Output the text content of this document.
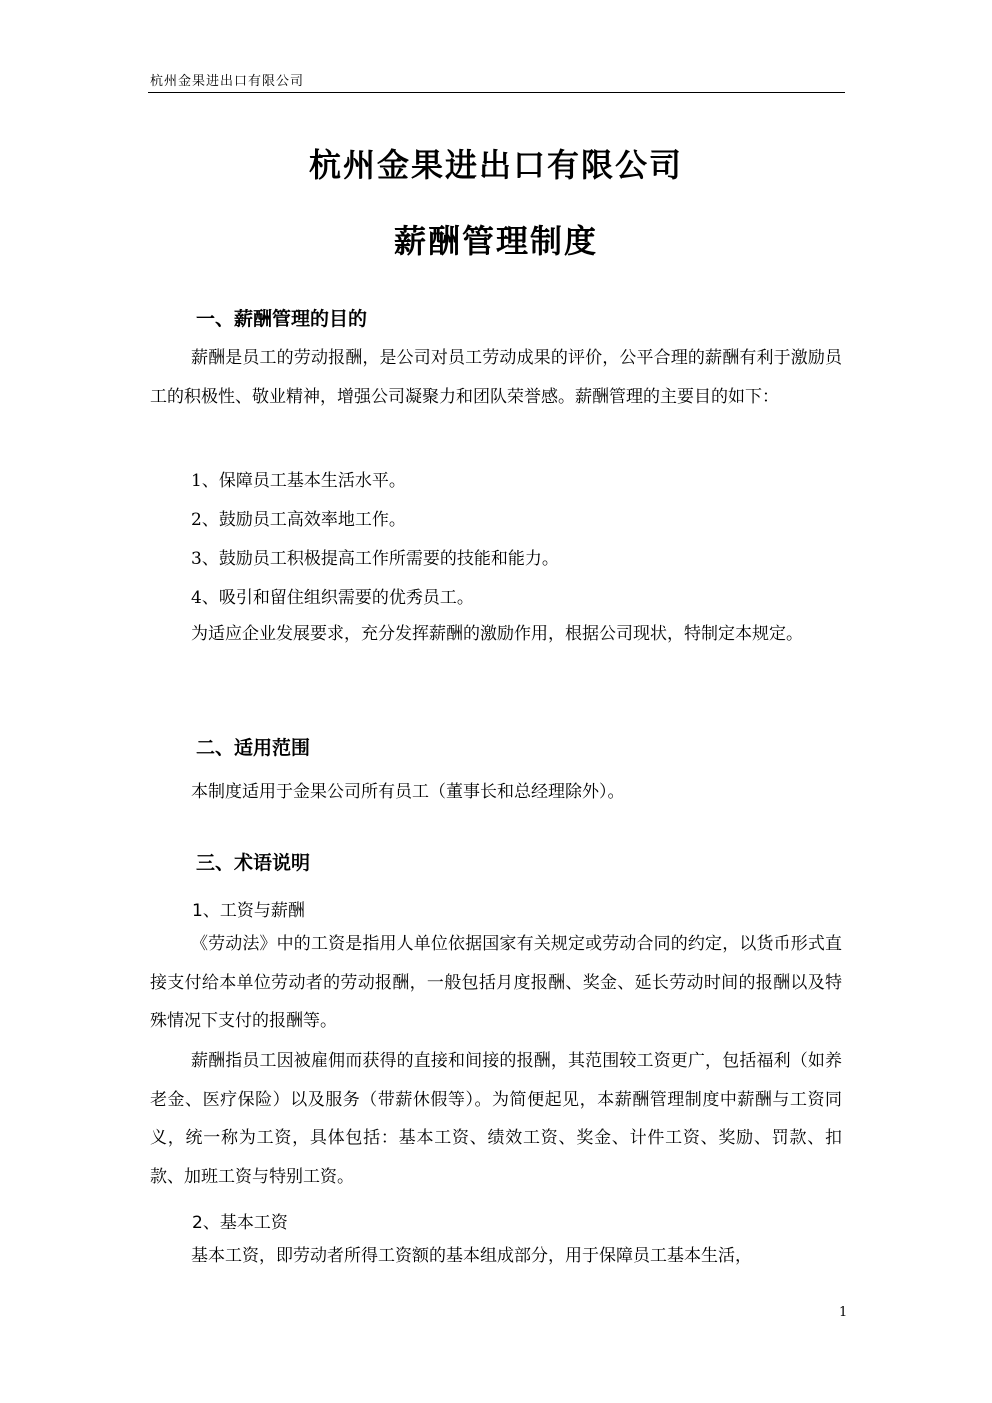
杭州金果进出口有限公司
杭州金果进出口有限公司
薪酬管理制度
一、薪酬管理的目的
薪酬是员工的劳动报酬，是公司对员工劳动成果的评价，公平合理的薪酬有利于激励员工的积极性、敬业精神，增强公司凝聚力和团队荣誉感。薪酬管理的主要目的如下：
1、保障员工基本生活水平。
2、鼓励员工高效率地工作。
3、鼓励员工积极提高工作所需要的技能和能力。
4、吸引和留住组织需要的优秀员工。
为适应企业发展要求，充分发挥薪酬的激励作用，根据公司现状，特制定本规定。
二、适用范围
本制度适用于金果公司所有员工（董事长和总经理除外）。
三、术语说明
1、工资与薪酬
《劳动法》中的工资是指用人单位依据国家有关规定或劳动合同的约定，以货币形式直接支付给本单位劳动者的劳动报酬，一般包括月度报酬、奖金、延长劳动时间的报酬以及特殊情况下支付的报酬等。
薪酬指员工因被雇佣而获得的直接和间接的报酬，其范围较工资更广，包括福利（如养老金、医疗保险）以及服务（带薪休假等）。为简便起见，本薪酬管理制度中薪酬与工资同义，统一称为工资，具体包括：基本工资、绩效工资、奖金、计件工资、奖励、罚款、扣款、加班工资与特别工资。
2、基本工资
基本工资，即劳动者所得工资额的基本组成部分，用于保障员工基本生活，
1
